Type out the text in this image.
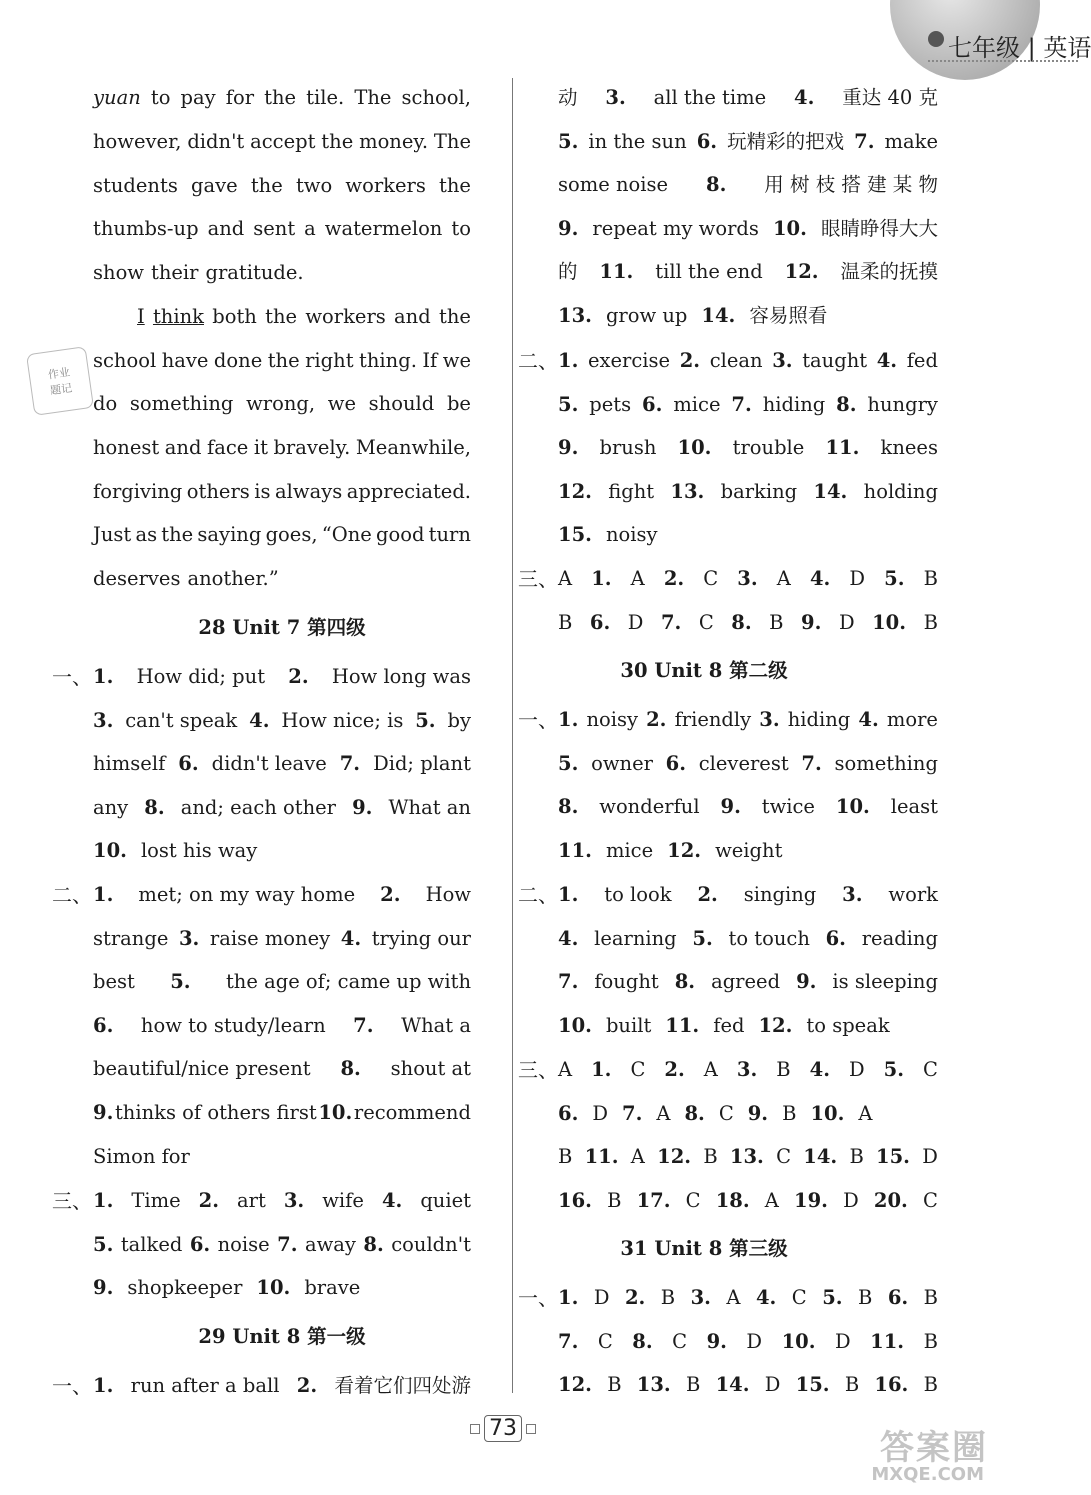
七年级 | 英语
作业
题记
yuan to pay for the tile. The school,
however, didn't accept the money. The
students gave the two workers the
thumbs-up and sent a watermelon to
show their gratitude.
I think both the workers and the
school have done the right thing. If we
do something wrong, we should be
honest and face it bravely. Meanwhile,
forgiving others is always appreciated.
Just as the saying goes, “One good turn
deserves another.”
28 Unit 7 第四级
一、 1. How did; put 2. How long was
3. can't speak 4. How nice; is 5. by
himself 6. didn't leave 7. Did; plant
any 8. and; each other 9. What an
10. lost his way
二、 1. met; on my way home 2. How
strange 3. raise money 4. trying our
best 5. the age of; came up with
6. how to study/learn 7. What a
beautiful/nice present 8. shout at
9. thinks of others first 10. recommend
Simon for
三、 1. Time 2. art 3. wife 4. quiet
5. talked 6. noise 7. away 8. couldn't
9. shopkeeper 10. brave
29 Unit 8 第一级
一、 1. run after a ball 2. 看着它们四处游
动 3. all the time 4. 重达 40 克
5. in the sun 6. 玩精彩的把戏 7. make
some noise 8. 用 树 枝 搭 建 某 物
9. repeat my words 10. 眼睛睁得大大
的 11. till the end 12. 温柔的抚摸
13. grow up 14. 容易照看
二、 1. exercise 2. clean 3. taught 4. fed
5. pets 6. mice 7. hiding 8. hungry
9. brush 10. trouble 11. knees
12. fight 13. barking 14. holding
15. noisy
三、 A 1. A 2. C 3. A 4. D 5. B
B 6. D 7. C 8. B 9. D 10. B
30 Unit 8 第二级
一、 1. noisy 2. friendly 3. hiding 4. more
5. owner 6. cleverest 7. something
8. wonderful 9. twice 10. least
11. mice 12. weight
二、 1. to look 2. singing 3. work
4. learning 5. to touch 6. reading
7. fought 8. agreed 9. is sleeping
10. built 11. fed 12. to speak
三、 A 1. C 2. A 3. B 4. D 5. C
6. D 7. A 8. C 9. B 10. A
B 11. A 12. B 13. C 14. B 15. D
16. B 17. C 18. A 19. D 20. C
31 Unit 8 第三级
一、 1. D 2. B 3. A 4. C 5. B 6. B
7. C 8. C 9. D 10. D 11. B
12. B 13. B 14. D 15. B 16. B
73	答案圈
MXQE.COM
